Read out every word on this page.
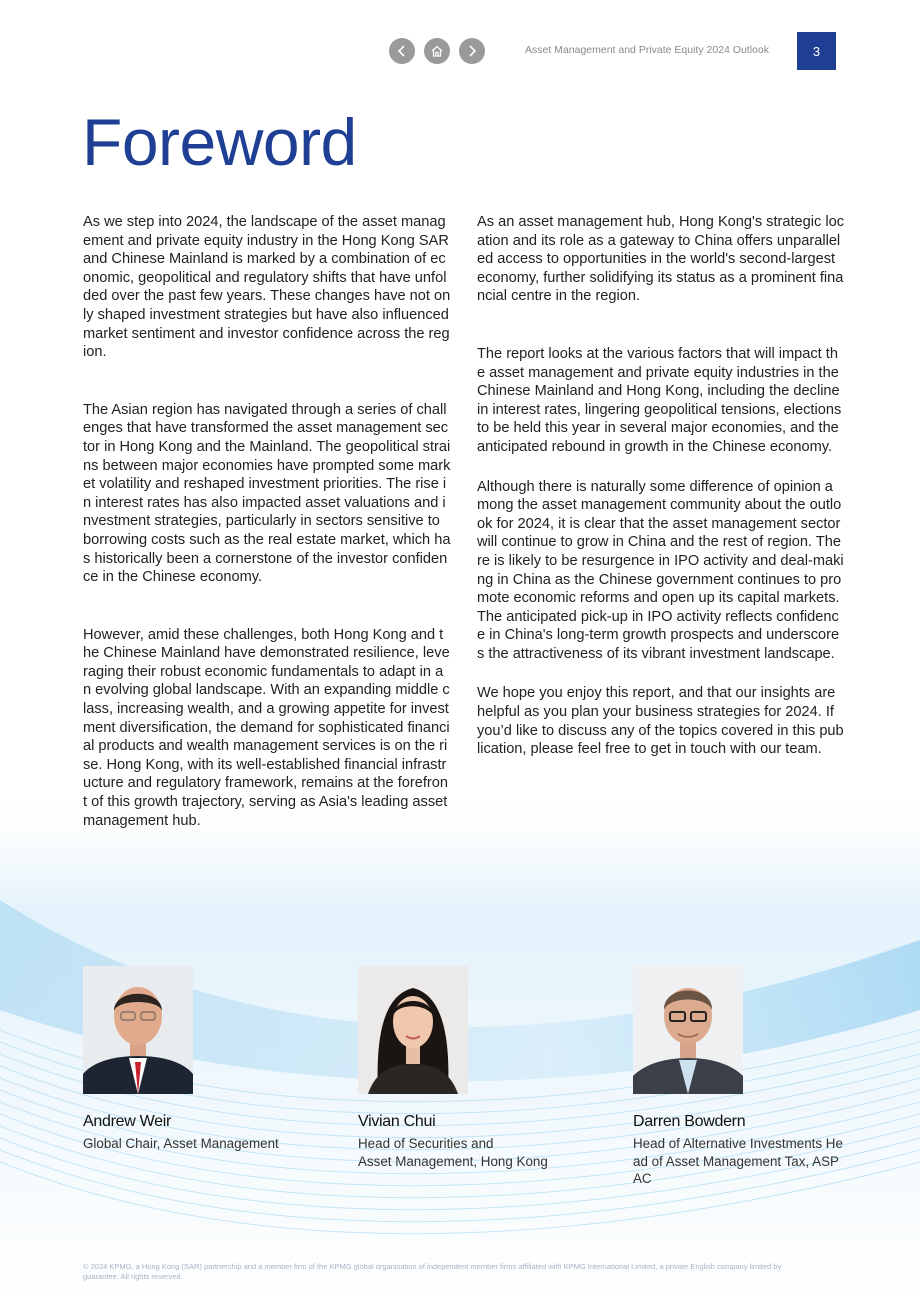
Asset Management and Private Equity 2024 Outlook	3
Foreword

As we step into 2024, the landscape of the asset management and private equity industry in the Hong Kong SAR and Chinese Mainland is marked by a combination of economic, geopolitical and regulatory shifts that have unfolded over the past few years. These changes have not only shaped investment strategies but have also influenced market sentiment and investor confidence across the region.

The Asian region has navigated through a series of challenges that have transformed the asset management sector in Hong Kong and the Mainland. The geopolitical strains between major economies have prompted some market volatility and reshaped investment priorities. The rise in interest rates has also impacted asset valuations and investment strategies, particularly in sectors sensitive to borrowing costs such as the real estate market, which has historically been a cornerstone of the investor confidence in the Chinese economy.

However, amid these challenges, both Hong Kong and the Chinese Mainland have demonstrated resilience, leveraging their robust economic fundamentals to adapt in an evolving global landscape. With an expanding middle class, increasing wealth, and a growing appetite for investment diversification, the demand for sophisticated financial products and wealth management services is on the rise. Hong Kong, with its well-established financial infrastructure and regulatory framework, remains at the forefront of this growth trajectory, serving as Asia's leading asset management hub.

As an asset management hub, Hong Kong's strategic location and its role as a gateway to China offers unparalleled access to opportunities in the world's second-largest economy, further solidifying its status as a prominent financial centre in the region.

The report looks at the various factors that will impact the asset management and private equity industries in the Chinese Mainland and Hong Kong, including the decline in interest rates, lingering geopolitical tensions, elections to be held this year in several major economies, and the anticipated rebound in growth in the Chinese economy.

Although there is naturally some difference of opinion among the asset management community about the outlook for 2024, it is clear that the asset management sector will continue to grow in China and the rest of region. There is likely to be resurgence in IPO activity and deal-making in China as the Chinese government continues to promote economic reforms and open up its capital markets.

The anticipated pick-up in IPO activity reflects confidence in China's long-term growth prospects and underscores the attractiveness of its vibrant investment landscape.

We hope you enjoy this report, and that our insights are helpful as you plan your business strategies for 2024. If you’d like to discuss any of the topics covered in this publication, please feel free to get in touch with our team.

Andrew Weir
Global Chair, Asset Management
Vivian Chui
Head of Securities and
Asset Management, Hong Kong
Darren Bowdern
Head of Alternative Investments Head of Asset Management Tax, ASPAC
© 2024 KPMG, a Hong Kong (SAR) partnership and a member firm of the KPMG global organisation of independent member firms affiliated with KPMG International Limited, a private English company limited by guarantee. All rights reserved.
